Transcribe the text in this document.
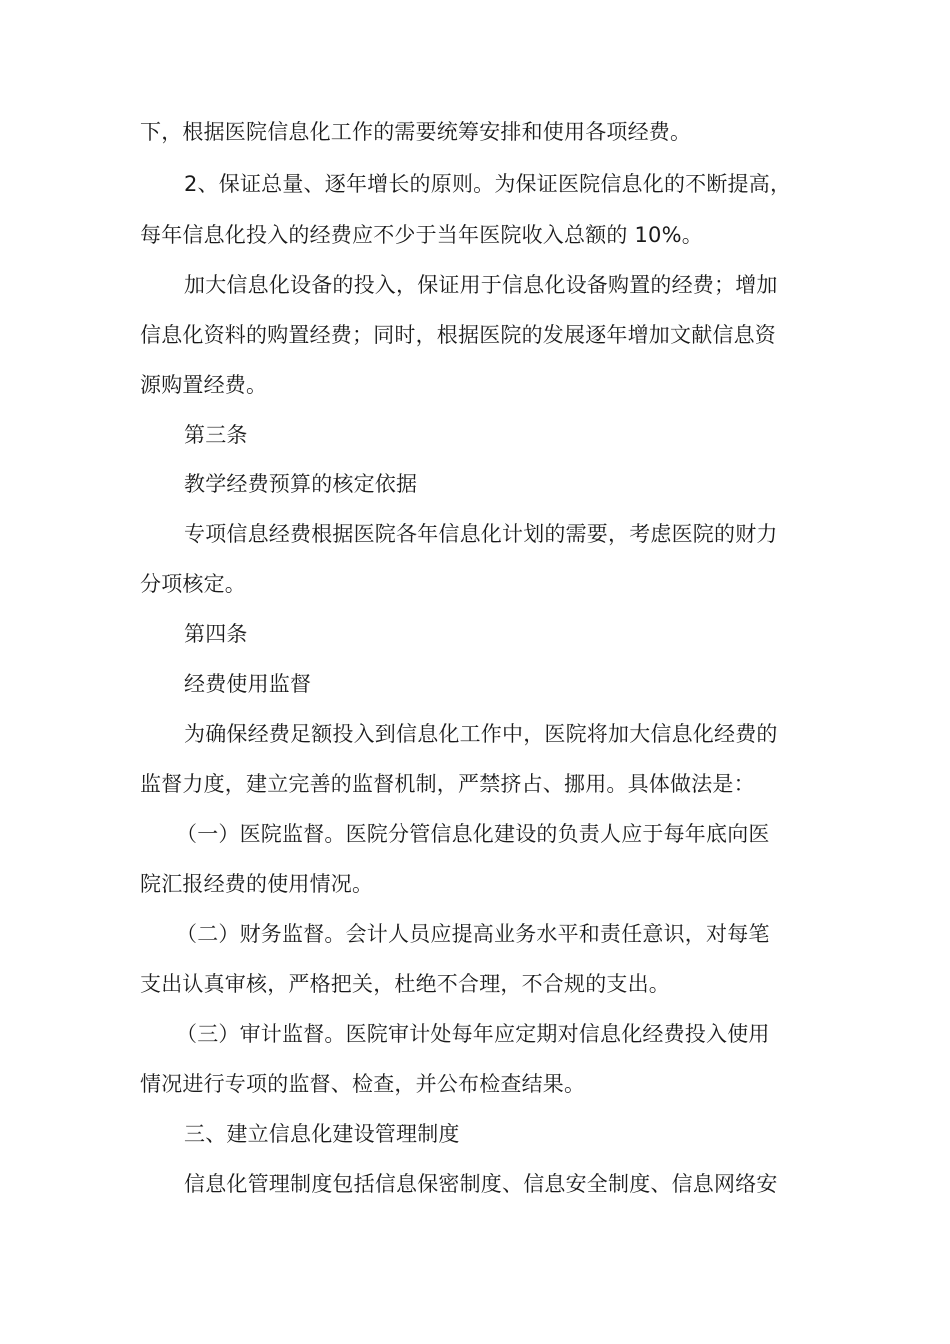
下，根据医院信息化工作的需要统筹安排和使用各项经费。
2、保证总量、逐年增长的原则。为保证医院信息化的不断提高，
每年信息化投入的经费应不少于当年医院收入总额的 10%。
加大信息化设备的投入，保证用于信息化设备购置的经费；增加
信息化资料的购置经费；同时，根据医院的发展逐年增加文献信息资
源购置经费。
第三条
教学经费预算的核定依据
专项信息经费根据医院各年信息化计划的需要，考虑医院的财力
分项核定。
第四条
经费使用监督
为确保经费足额投入到信息化工作中，医院将加大信息化经费的
监督力度，建立完善的监督机制，严禁挤占、挪用。具体做法是：
（一）医院监督。医院分管信息化建设的负责人应于每年底向医
院汇报经费的使用情况。
（二）财务监督。会计人员应提高业务水平和责任意识，对每笔
支出认真审核，严格把关，杜绝不合理，不合规的支出。
（三）审计监督。医院审计处每年应定期对信息化经费投入使用
情况进行专项的监督、检查，并公布检查结果。
三、建立信息化建设管理制度
信息化管理制度包括信息保密制度、信息安全制度、信息网络安
